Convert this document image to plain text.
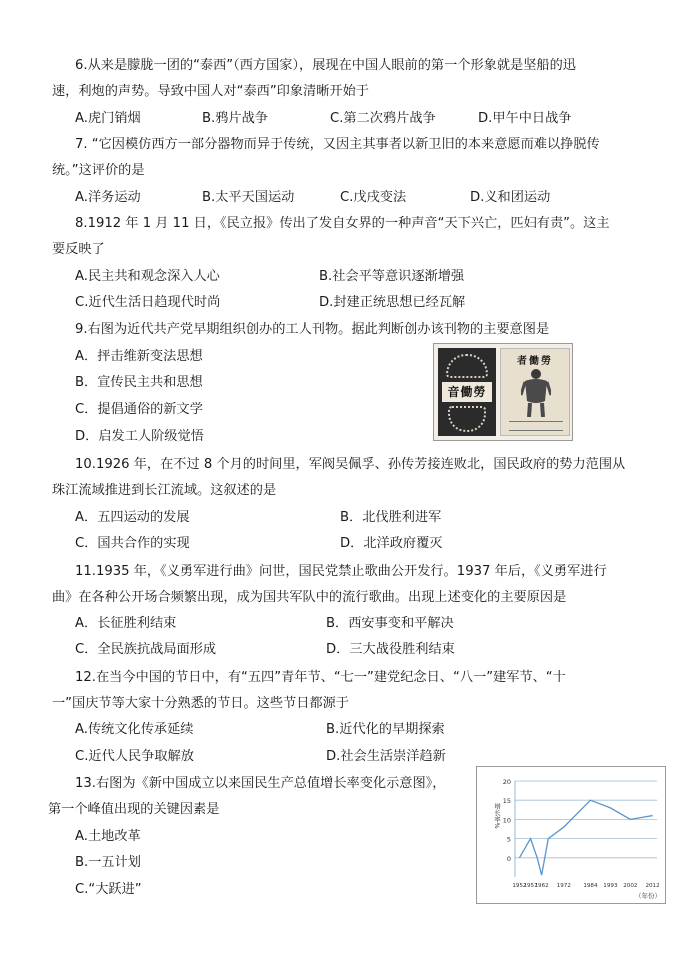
6.从来是朦胧一团的“泰西”（西方国家），展现在中国人眼前的第一个形象就是坚船的迅
速，利炮的声势。导致中国人对“泰西”印象清晰开始于
A.虎门销烟	B.鸦片战争	C.第二次鸦片战争	D.甲午中日战争
7. “它因模仿西方一部分器物而异于传统，又因主其事者以新卫旧的本来意愿而难以挣脱传
统。”这评价的是
A.洋务运动	B.太平天国运动	C.戊戌变法	D.义和团运动
8.1912 年 1 月 11 日，《民立报》传出了发自女界的一种声音“天下兴亡，匹妇有责”。这主
要反映了
A.民主共和观念深入人心	B.社会平等意识逐渐增强
C.近代生活日趋现代时尚	D.封建正统思想已经瓦解
9.右图为近代共产党早期组织创办的工人刊物。据此判断创办该刊物的主要意图是
A．抨击维新变法思想
B．宣传民主共和思想
C．提倡通俗的新文学
D．启发工人阶级觉悟
音働勞
者働勞
10.1926 年，在不过 8 个月的时间里，军阀吴佩孚、孙传芳接连败北，国民政府的势力范围从
珠江流域推进到长江流域。这叙述的是
A．五四运动的发展	B．北伐胜利进军
C．国共合作的实现	D．北洋政府覆灭
11.1935 年，《义勇军进行曲》问世，国民党禁止歌曲公开发行。1937 年后，《义勇军进行
曲》在各种公开场合频繁出现，成为国共军队中的流行歌曲。出现上述变化的主要原因是
A．长征胜利结束	B．西安事变和平解决
C．全民族抗战局面形成	D．三大战役胜利结束
12.在当今中国的节日中，有“五四”青年节、“七一”建党纪念日、“八一”建军节、“十
一”国庆节等大家十分熟悉的节日。这些节日都源于
A.传统文化传承延续	B.近代化的早期探索
C.近代人民争取解放	D.社会生活崇洋趋新
13.右图为《新中国成立以来国民生产总值增长率变化示意图》，
第一个峰值出现的关键因素是
A.土地改革
B.一五计划
C.“大跃进”
0
5
10
15
20
增长率%
1952
1957
1962 1972 1984 1993 2002 2012
（年份）
